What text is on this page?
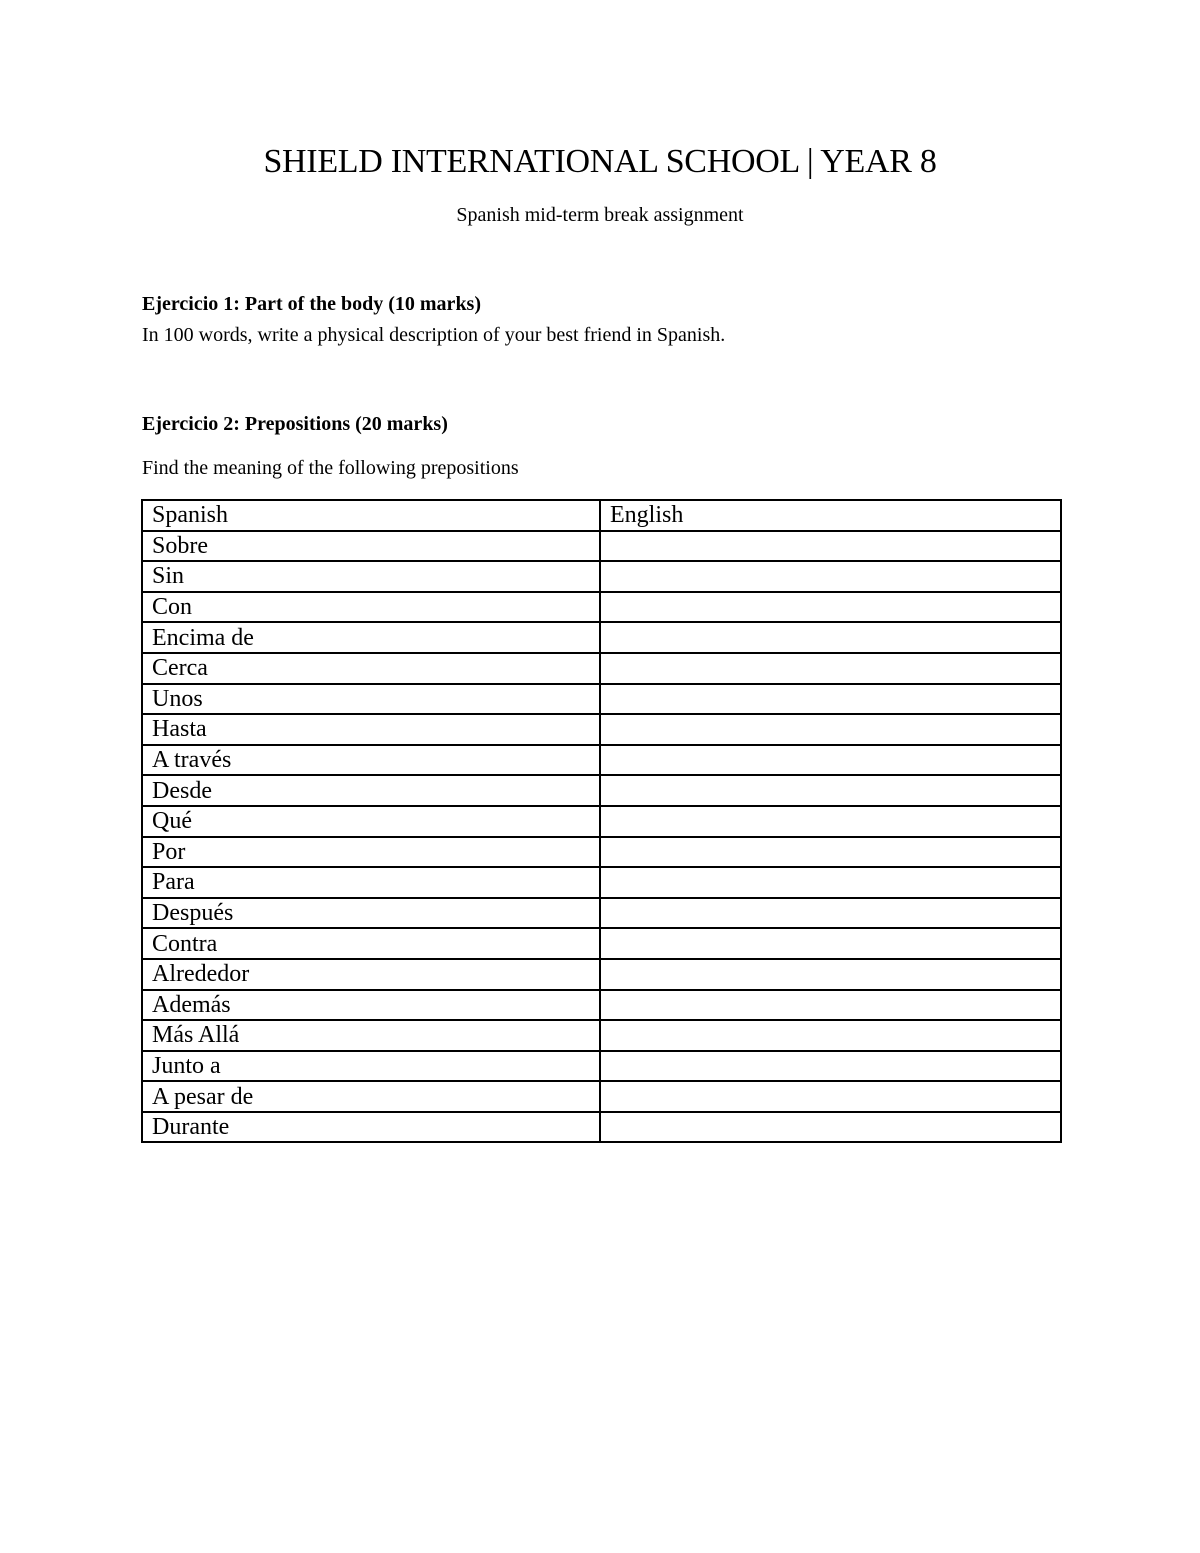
SHIELD INTERNATIONAL SCHOOL | YEAR 8
Spanish mid-term break assignment
Ejercicio 1: Part of the body (10 marks)
In 100 words, write a physical description of your best friend in Spanish.
Ejercicio 2: Prepositions (20 marks)
Find the meaning of the following prepositions
Spanish	English
Sobre	
Sin	
Con	
Encima de	
Cerca	
Unos	
Hasta	
A través	
Desde	
Qué	
Por	
Para	
Después	
Contra	
Alrededor	
Además	
Más Allá	
Junto a	
A pesar de	
Durante	
